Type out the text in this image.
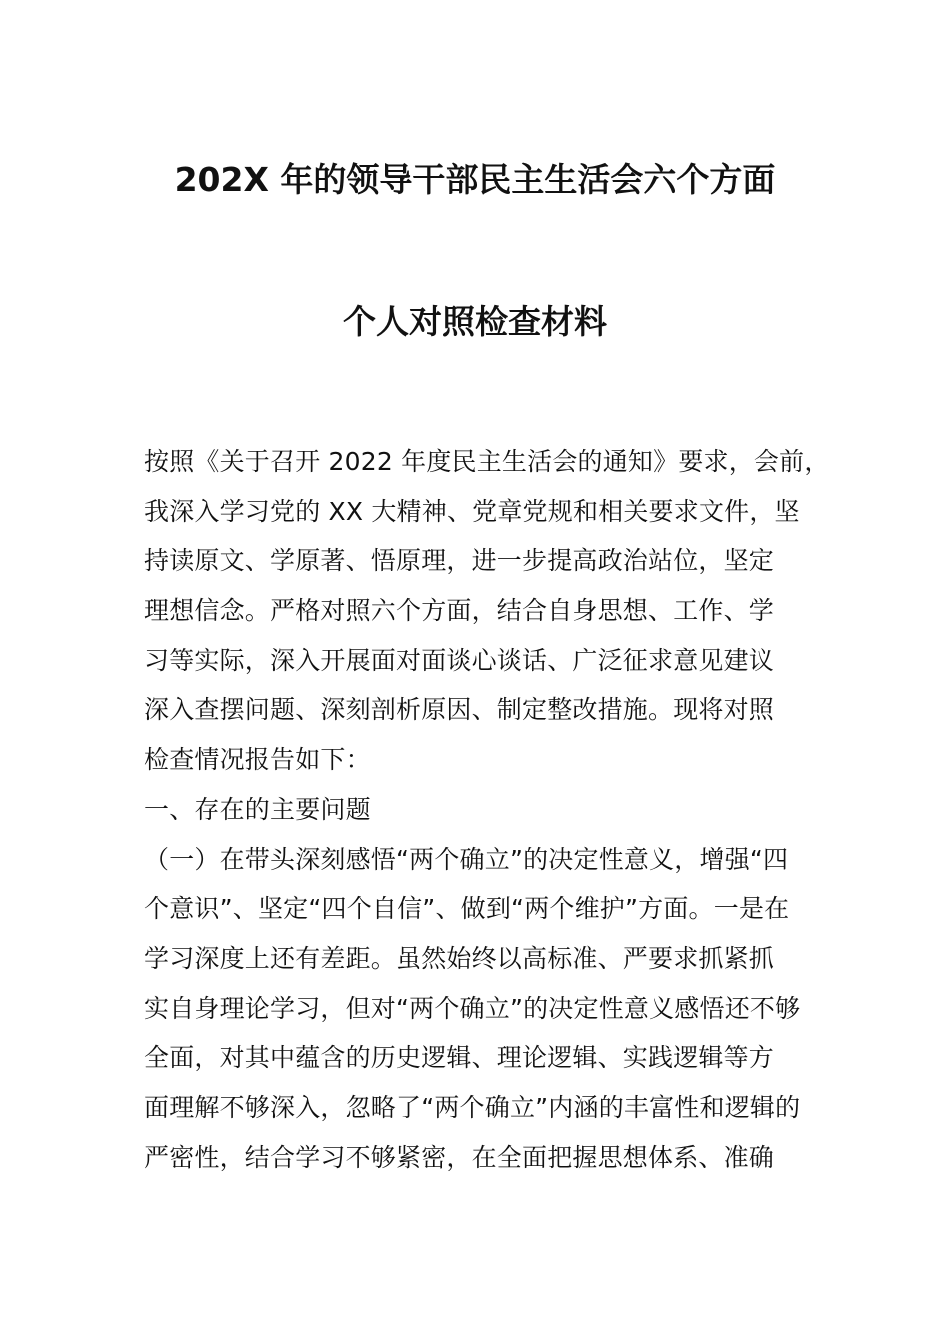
202X 年的领导干部民主生活会六个方面
个人对照检查材料
按照《关于召开 2022 年度民主生活会的通知》要求，会前，
我深入学习党的 XX 大精神、党章党规和相关要求文件，坚
持读原文、学原著、悟原理，进一步提高政治站位，坚定
理想信念。严格对照六个方面，结合自身思想、工作、学
习等实际，深入开展面对面谈心谈话、广泛征求意见建议
深入查摆问题、深刻剖析原因、制定整改措施。现将对照
检查情况报告如下：
一、存在的主要问题
（一）在带头深刻感悟“两个确立”的决定性意义，增强“四
个意识”、坚定“四个自信”、做到“两个维护”方面。一是在
学习深度上还有差距。虽然始终以高标准、严要求抓紧抓
实自身理论学习，但对“两个确立”的决定性意义感悟还不够
全面，对其中蕴含的历史逻辑、理论逻辑、实践逻辑等方
面理解不够深入，忽略了“两个确立”内涵的丰富性和逻辑的
严密性，结合学习不够紧密，在全面把握思想体系、准确
